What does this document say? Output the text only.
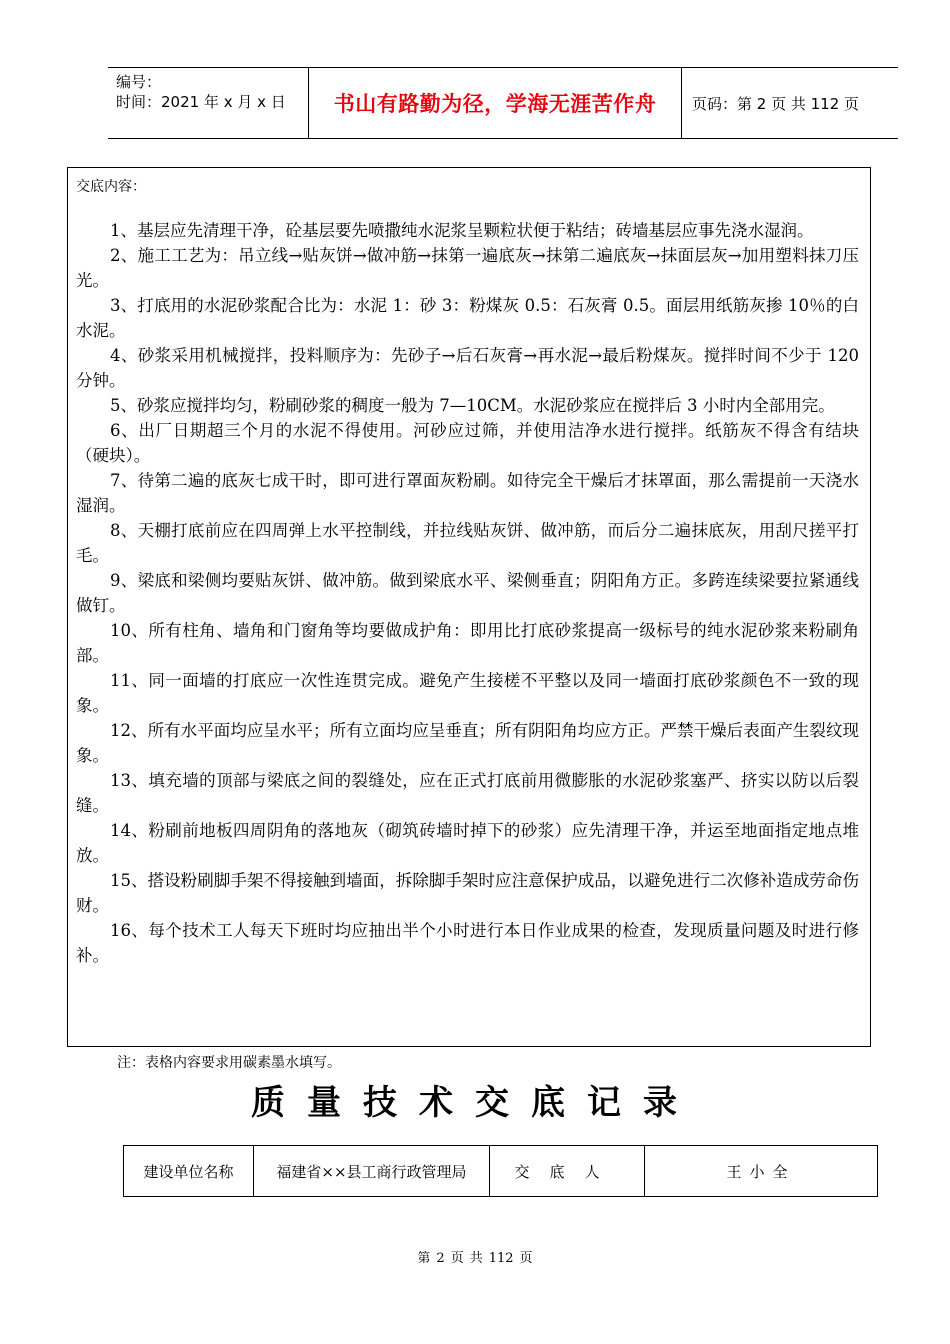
编号：
时间：2021 年 x 月 x 日	书山有路勤为径，学海无涯苦作舟	页码：第 2 页 共 112 页
交底内容：

1、基层应先清理干净，砼基层要先喷撒纯水泥浆呈颗粒状便于粘结；砖墙基层应事先浇水湿润。

2、施工工艺为：吊立线→贴灰饼→做冲筋→抹第一遍底灰→抹第二遍底灰→抹面层灰→加用塑料抹刀压光。

3、打底用的水泥砂浆配合比为：水泥 1：砂 3：粉煤灰 0.5：石灰膏 0.5。面层用纸筋灰掺 10％的白水泥。

4、砂浆采用机械搅拌，投料顺序为：先砂子→后石灰膏→再水泥→最后粉煤灰。搅拌时间不少于 120 分钟。

5、砂浆应搅拌均匀，粉刷砂浆的稠度一般为 7—10CM。水泥砂浆应在搅拌后 3 小时内全部用完。

6、出厂日期超三个月的水泥不得使用。河砂应过筛，并使用洁净水进行搅拌。纸筋灰不得含有结块（硬块）。

7、待第二遍的底灰七成干时，即可进行罩面灰粉刷。如待完全干燥后才抹罩面，那么需提前一天浇水湿润。

8、天棚打底前应在四周弹上水平控制线，并拉线贴灰饼、做冲筋，而后分二遍抹底灰，用刮尺搓平打毛。

9、梁底和梁侧均要贴灰饼、做冲筋。做到梁底水平、梁侧垂直；阴阳角方正。多跨连续梁要拉紧通线做钉。

10、所有柱角、墙角和门窗角等均要做成护角：即用比打底砂浆提高一级标号的纯水泥砂浆来粉刷角部。

11、同一面墙的打底应一次性连贯完成。避免产生接槎不平整以及同一墙面打底砂浆颜色不一致的现象。

12、所有水平面均应呈水平；所有立面均应呈垂直；所有阴阳角均应方正。严禁干燥后表面产生裂纹现象。

13、填充墙的顶部与梁底之间的裂缝处，应在正式打底前用微膨胀的水泥砂浆塞严、挤实以防以后裂缝。

14、粉刷前地板四周阴角的落地灰（砌筑砖墙时掉下的砂浆）应先清理干净，并运至地面指定地点堆放。

15、搭设粉刷脚手架不得接触到墙面，拆除脚手架时应注意保护成品，以避免进行二次修补造成劳命伤财。

16、每个技术工人每天下班时均应抽出半个小时进行本日作业成果的检查，发现质量问题及时进行修补。

注：表格内容要求用碳素墨水填写。
质量技术交底记录
建设单位名称	福建省××县工商行政管理局	交底人	王小全
第 2 页 共 112 页
